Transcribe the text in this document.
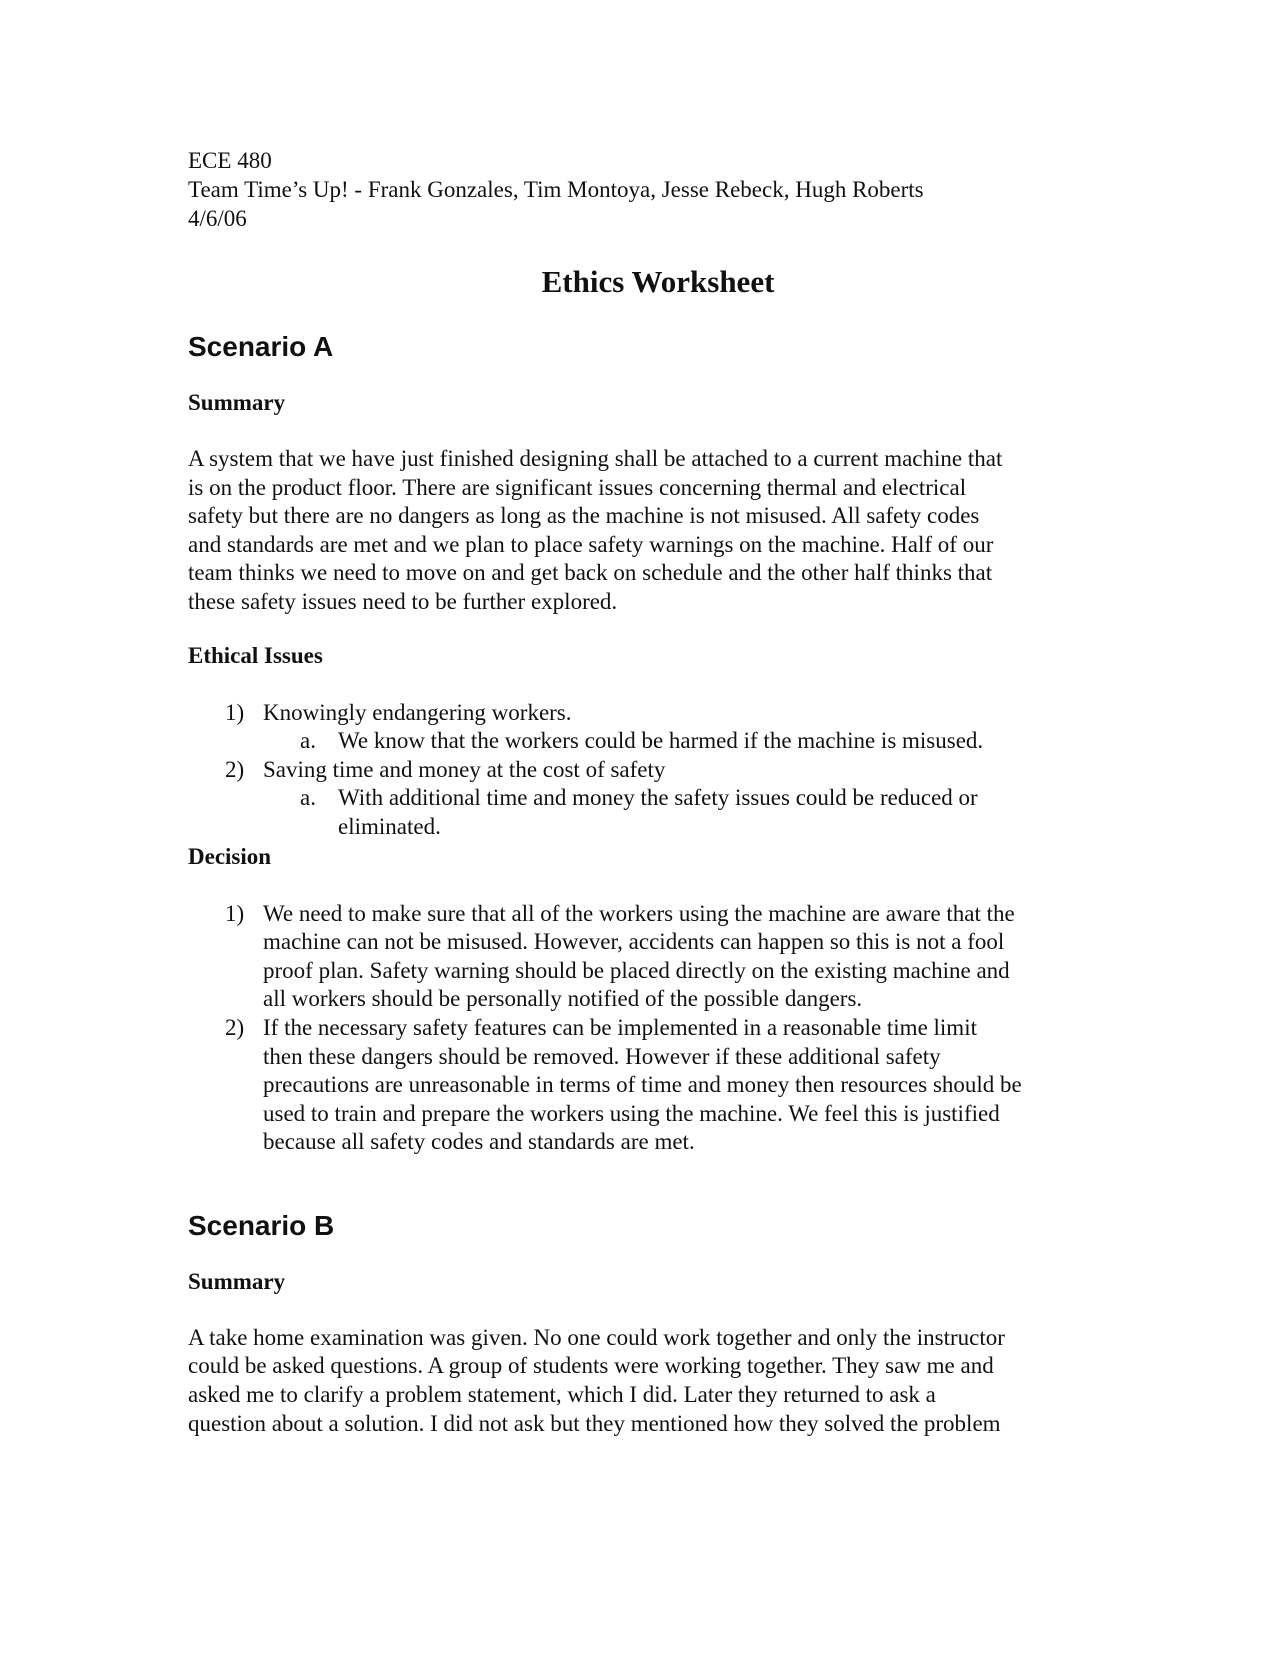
ECE 480

Team Time’s Up! - Frank Gonzales, Tim Montoya, Jesse Rebeck, Hugh Roberts

4/6/06

Ethics Worksheet
Scenario A
Summary

A system that we have just finished designing shall be attached to a current machine that
is on the product floor. There are significant issues concerning thermal and electrical
safety but there are no dangers as long as the machine is not misused. All safety codes
and standards are met and we plan to place safety warnings on the machine. Half of our
team thinks we need to move on and get back on schedule and the other half thinks that
these safety issues need to be further explored.

Ethical Issues
1) Knowingly endangering workers.
a. We know that the workers could be harmed if the machine is misused.
2) Saving time and money at the cost of safety
a. With additional time and money the safety issues could be reduced or
eliminated.
Decision
1) We need to make sure that all of the workers using the machine are aware that the
machine can not be misused. However, accidents can happen so this is not a fool
proof plan. Safety warning should be placed directly on the existing machine and
all workers should be personally notified of the possible dangers.
2) If the necessary safety features can be implemented in a reasonable time limit
then these dangers should be removed. However if these additional safety
precautions are unreasonable in terms of time and money then resources should be
used to train and prepare the workers using the machine. We feel this is justified
because all safety codes and standards are met.
Scenario B
Summary

A take home examination was given. No one could work together and only the instructor
could be asked questions. A group of students were working together. They saw me and
asked me to clarify a problem statement, which I did. Later they returned to ask a
question about a solution. I did not ask but they mentioned how they solved the problem
